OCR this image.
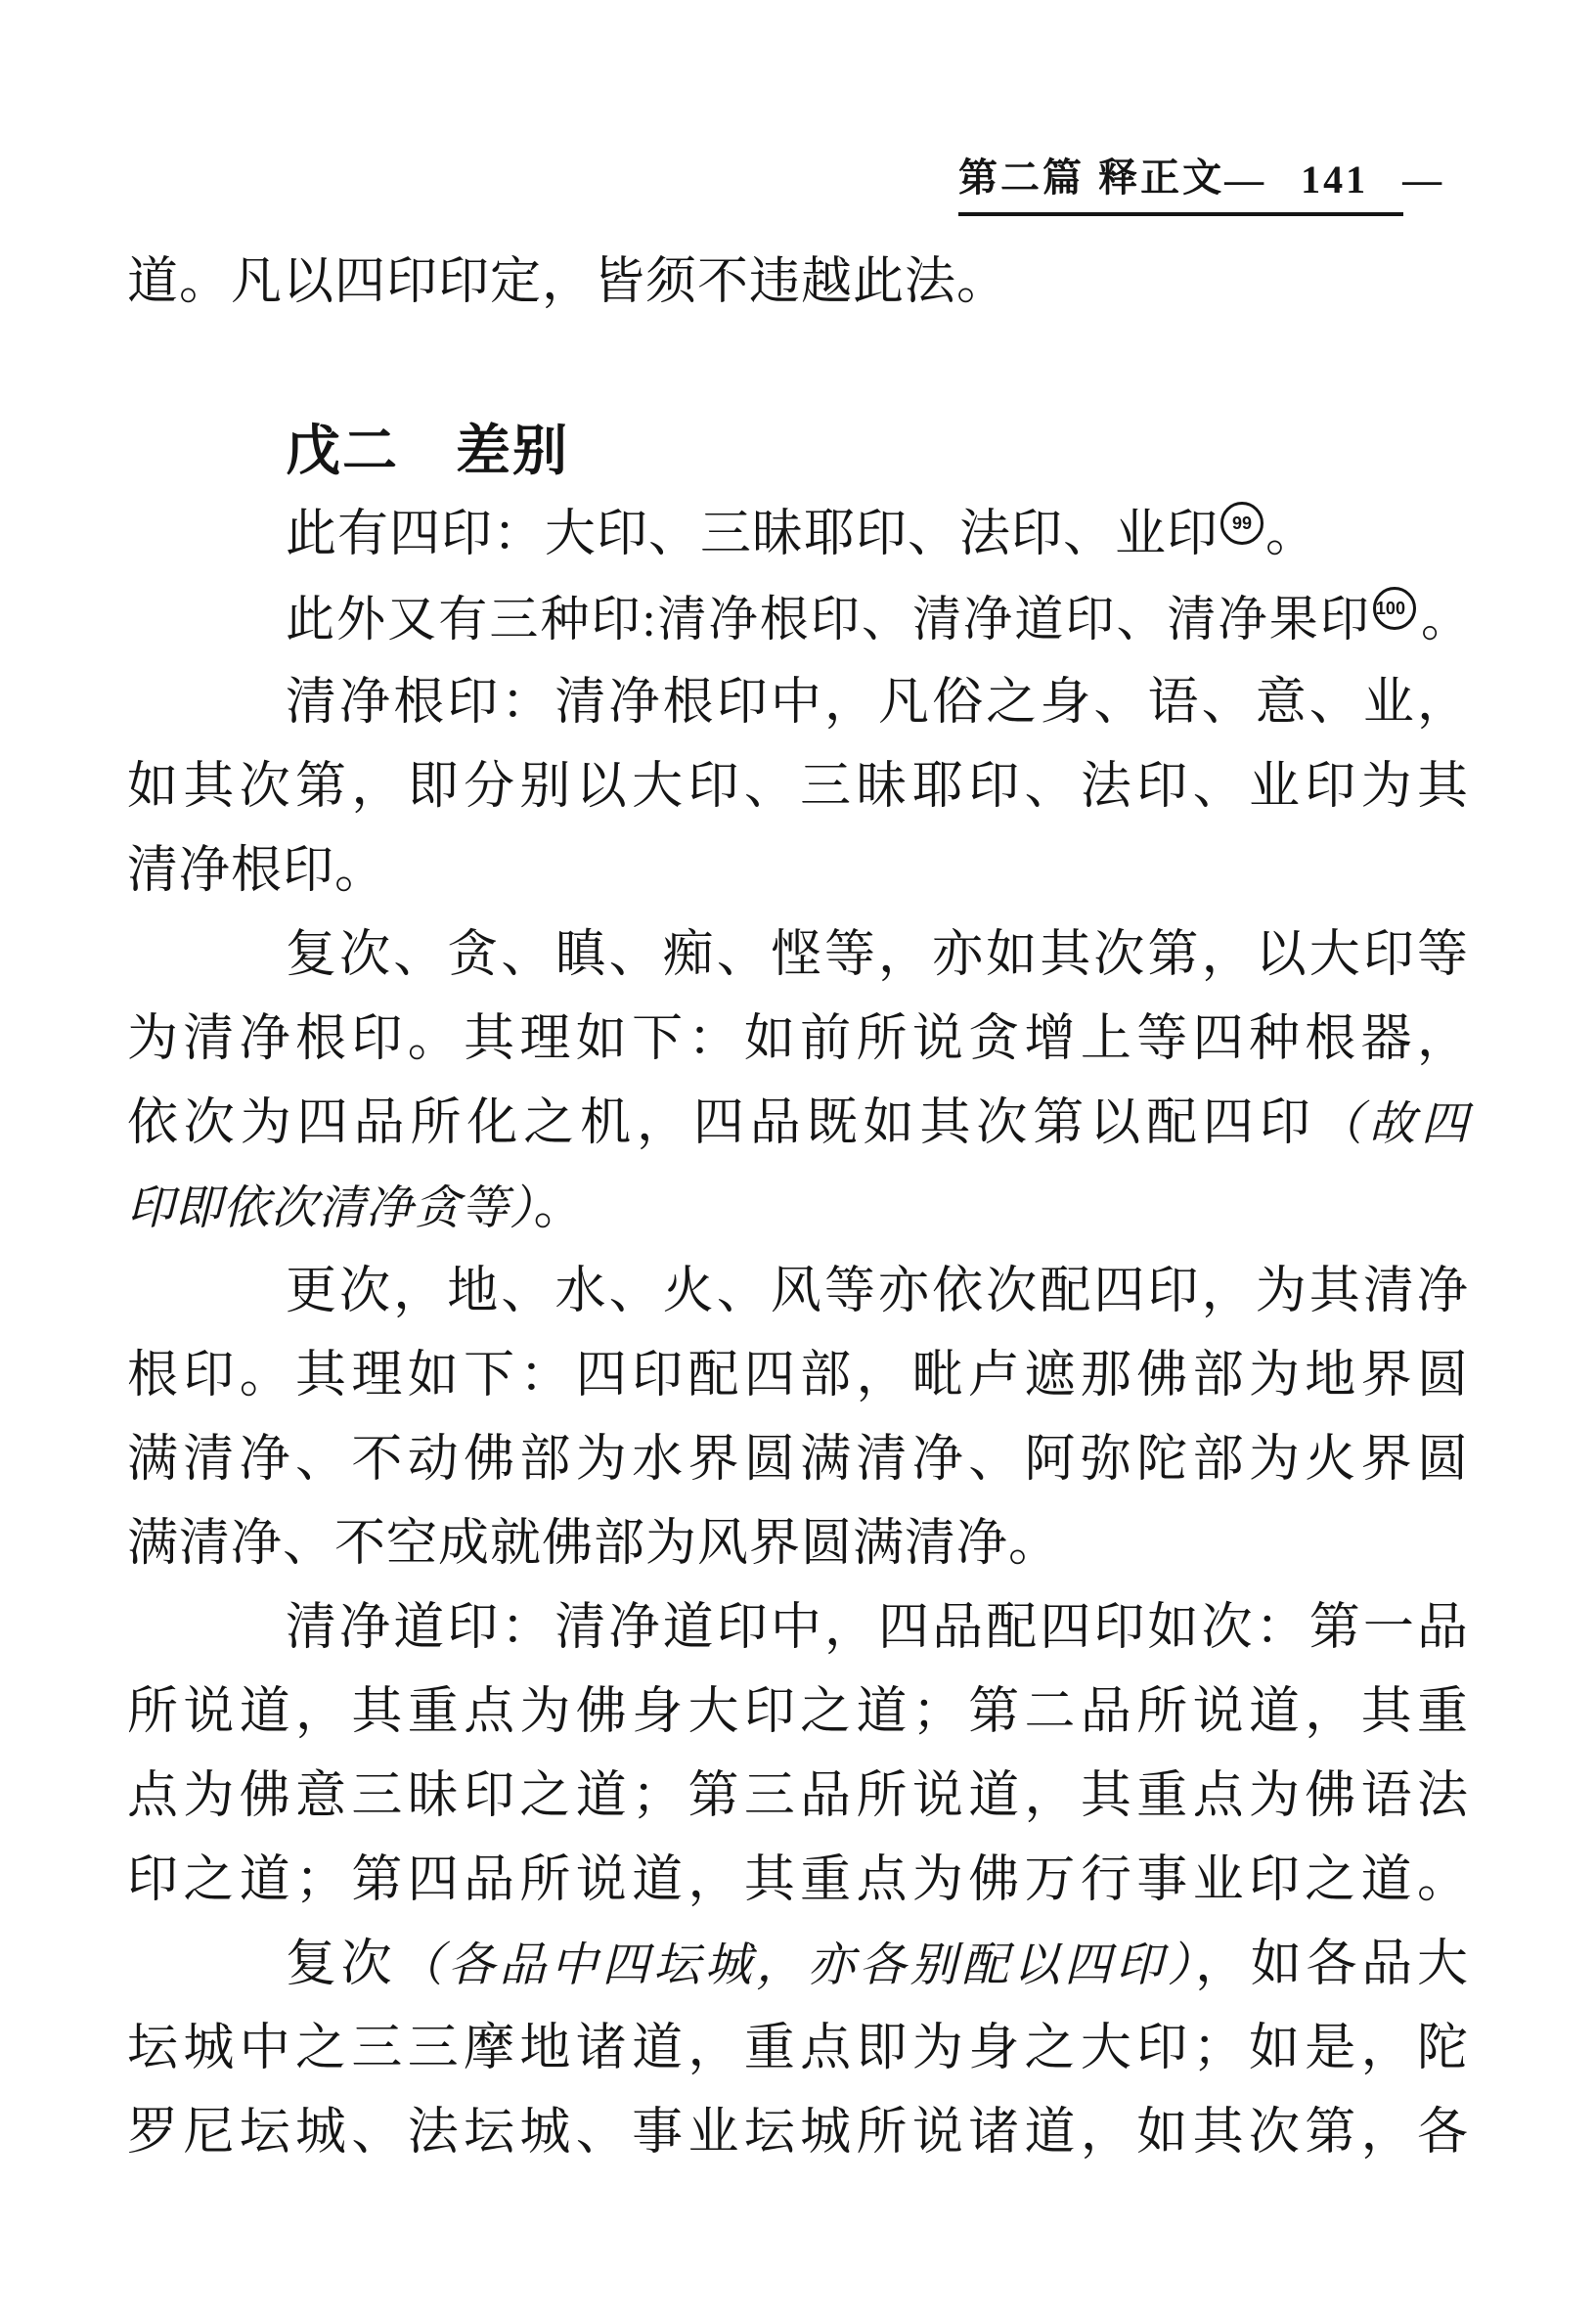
第二篇 释正文 — 141 —
道。凡以四印印定，皆须不违越此法。
戊二　差别
此有四印：大印、三昧耶印、法印、业印 99 。
此外又有三种印:清净根印、清净道印、清净果印 100 。
清净根印：清净根印中，凡俗之身、语、意、业，
如其次第，即分别以大印、三昧耶印、法印、业印为其
清净根印。
复次、贪、瞋、痴、悭等，亦如其次第，以大印等
为清净根印。其理如下：如前所说贪增上等四种根器，
依次为四品所化之机，四品既如其次第以配四印（故四
印即依次清净贪等）。
更次，地、水、火、风等亦依次配四印，为其清净
根印。其理如下：四印配四部，毗卢遮那佛部为地界圆
满清净、不动佛部为水界圆满清净、阿弥陀部为火界圆
满清净、不空成就佛部为风界圆满清净。
清净道印：清净道印中，四品配四印如次：第一品
所说道，其重点为佛身大印之道；第二品所说道，其重
点为佛意三昧印之道；第三品所说道，其重点为佛语法
印之道；第四品所说道，其重点为佛万行事业印之道。
复次（各品中四坛城，亦各别配以四印），如各品大
坛城中之三三摩地诸道，重点即为身之大印；如是，陀
罗尼坛城、法坛城、事业坛城所说诸道，如其次第，各
